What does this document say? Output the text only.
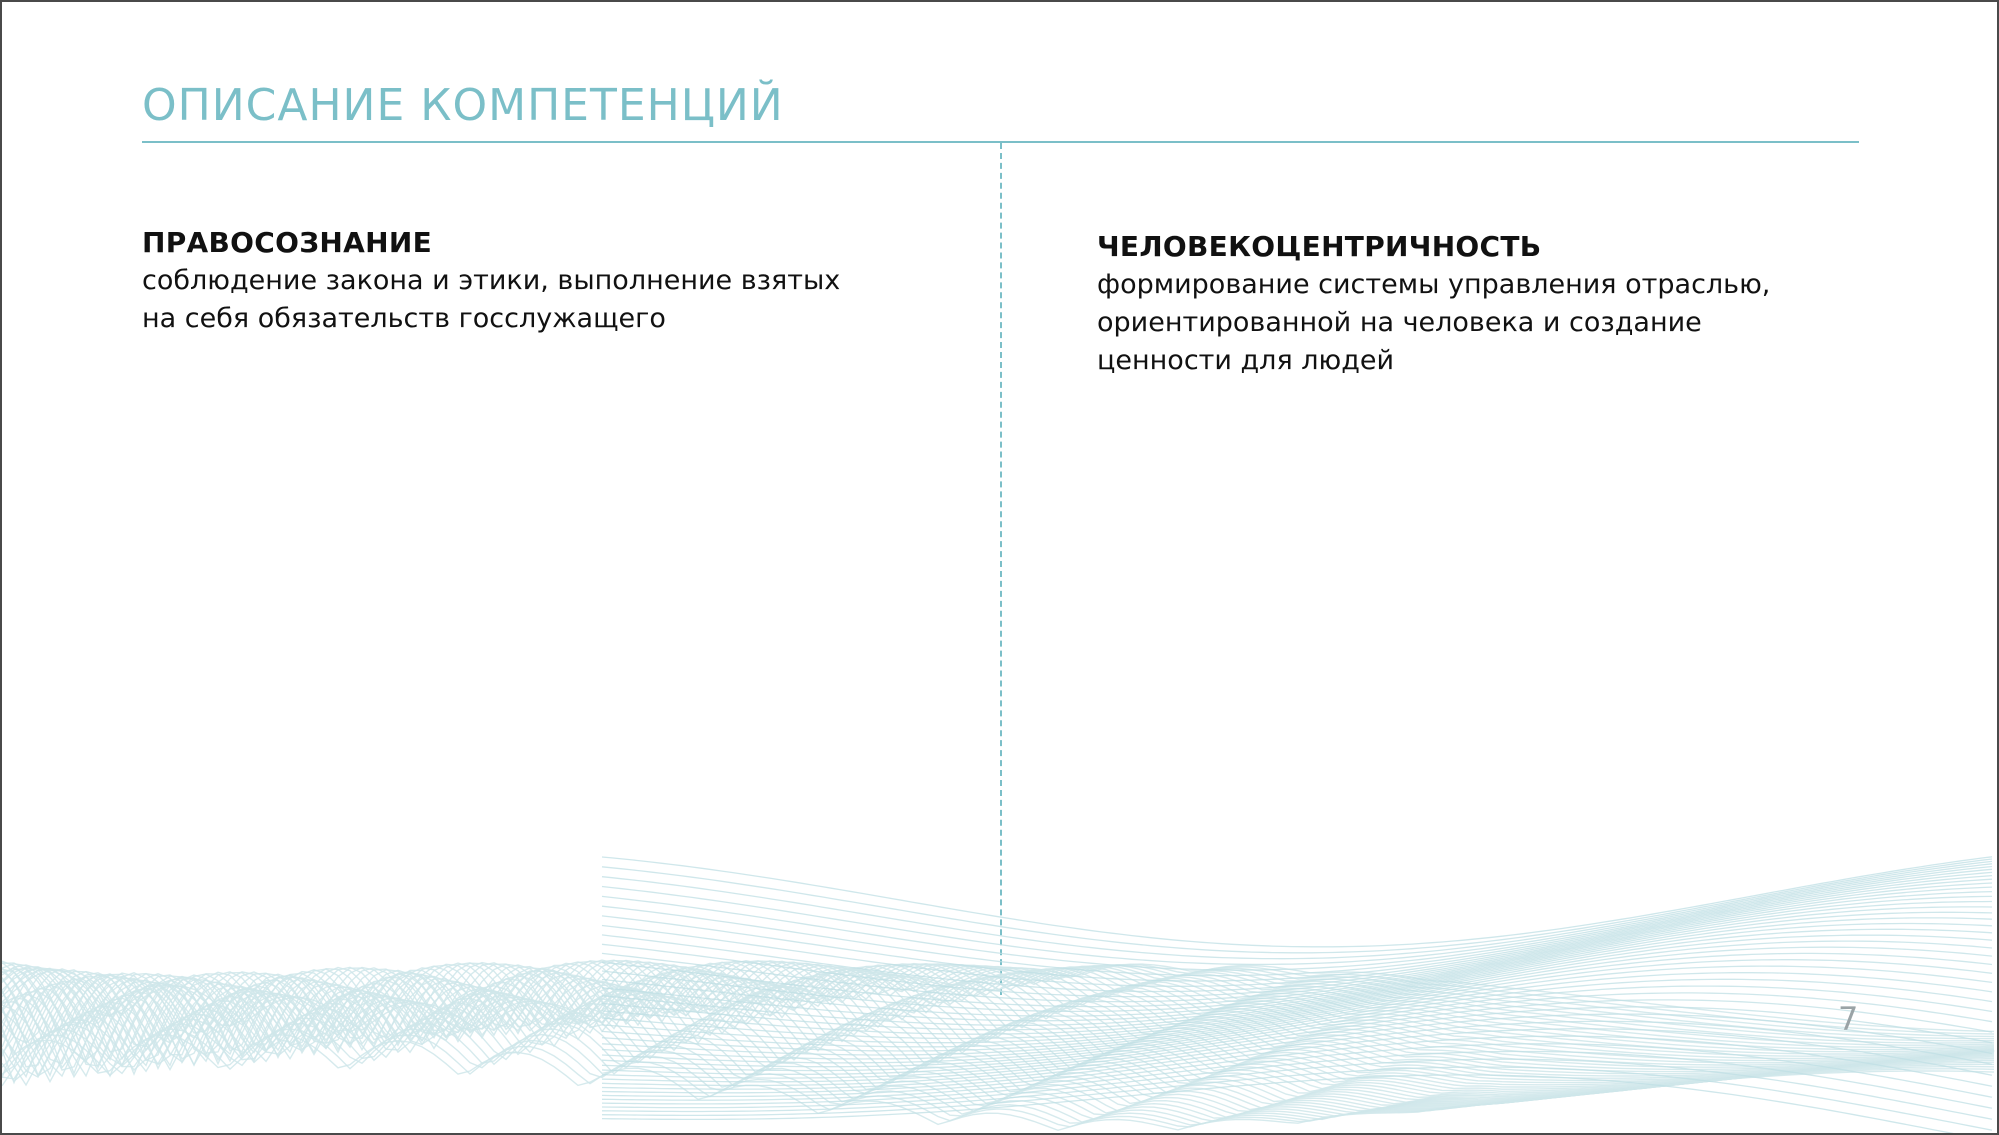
ОПИСАНИЕ КОМПЕТЕНЦИЙ

ПРАВОСОЗНАНИЕ

соблюдение закона и этики, выполнение взятых

на себя обязательств госслужащего

ЧЕЛОВЕКОЦЕНТРИЧНОСТЬ

формирование системы управления отраслью,

ориентированной на человека и создание

ценности для людей

7
